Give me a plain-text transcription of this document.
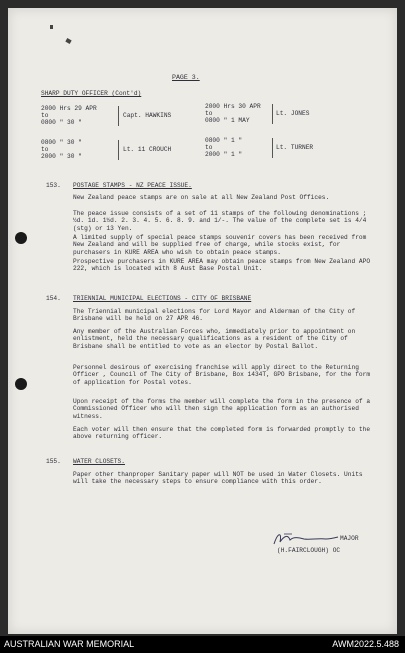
PAGE 3.
SHARP DUTY OFFICER (Cont'd)
2000 Hrs 29 APR
to
0800 " 30 "
Capt. HAWKINS
2000 Hrs 30 APR
to
0800 " 1 MAY
Lt. JONES
0800 " 30 "
to
2000 " 30 "
Lt. 11 CROUCH
0800 " 1 "
to
2000 " 1 "
Lt. TURNER
153. POSTAGE STAMPS - NZ PEACE ISSUE.
New Zealand peace stamps are on sale at all New Zealand Post Offices.
The peace issue consists of a set of 11 stamps of the following denominations ; ½d. 1d. 1½d. 2. 3. 4. 5. 6. 8. 9. and 1/-. The value of the complete set is 4/4 (stg) or 13 Yen.
A limited supply of special peace stamps souvenir covers has been received from New Zealand and will be supplied free of charge, while stocks exist, for purchasers in KURE AREA who wish to obtain peace stamps.
Prospective purchasers in KURE AREA may obtain peace stamps from New Zealand APO 222, which is located with 8 Aust Base Postal Unit.
154. TRIENNIAL MUNICIPAL ELECTIONS - CITY OF BRISBANE
The Triennial municipal elections for Lord Mayor and Alderman of the City of Brisbane will be held on 27 APR 46.
Any member of the Australian Forces who, immediately prior to appointment on enlistment, held the necessary qualifications as a resident of the City of Brisbane shall be entitled to vote as an elector by Postal Ballot.
Personnel desirous of exercising franchise will apply direct to the Returning Officer , Council of The City of Brisbane, Box 1434T, GPO Brisbane, for the form of application for Postal votes.
Upon receipt of the forms the member will complete the form in the presence of a Commissioned Officer who will then sign the application form as an authorised witness.
Each voter will then ensure that the completed form is forwarded promptly to the above returning officer.
155. WATER CLOSETS.
Paper other thanproper Sanitary paper will NOT be used in Water Closets. Units will take the necessary steps to ensure compliance with this order.
MAJOR
(H.FAIRCLOUGH) OC
AUSTRALIAN WAR MEMORIAL	AWM2022.5.488
